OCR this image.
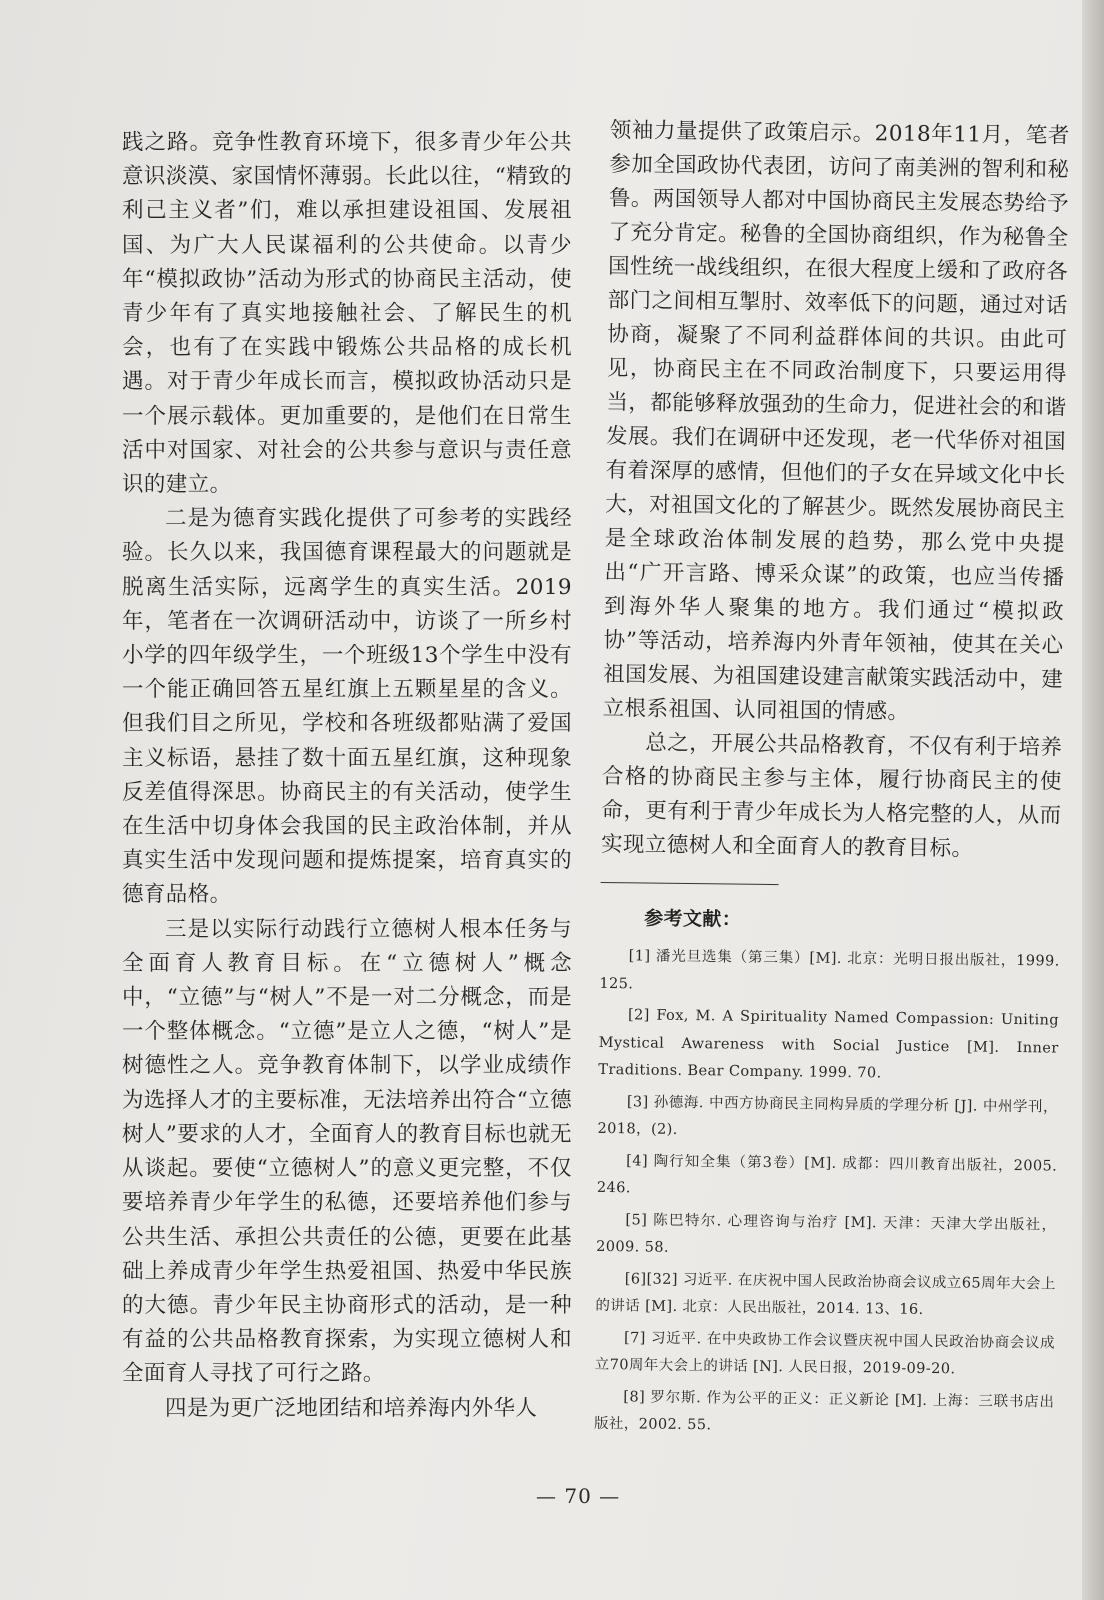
践之路。竞争性教育环境下，很多青少年公共意识淡漠、家国情怀薄弱。长此以往，“精致的利己主义者”们，难以承担建设祖国、发展祖国、为广大人民谋福利的公共使命。以青少年“模拟政协”活动为形式的协商民主活动，使青少年有了真实地接触社会、了解民生的机会，也有了在实践中锻炼公共品格的成长机遇。对于青少年成长而言，模拟政协活动只是一个展示载体。更加重要的，是他们在日常生活中对国家、对社会的公共参与意识与责任意识的建立。

二是为德育实践化提供了可参考的实践经验。长久以来，我国德育课程最大的问题就是脱离生活实际，远离学生的真实生活。2019年，笔者在一次调研活动中，访谈了一所乡村小学的四年级学生，一个班级13个学生中没有一个能正确回答五星红旗上五颗星星的含义。但我们目之所见，学校和各班级都贴满了爱国主义标语，悬挂了数十面五星红旗，这种现象反差值得深思。协商民主的有关活动，使学生在生活中切身体会我国的民主政治体制，并从真实生活中发现问题和提炼提案，培育真实的德育品格。

三是以实际行动践行立德树人根本任务与全面育人教育目标。在“立德树人”概念中，“立德”与“树人”不是一对二分概念，而是一个整体概念。“立德”是立人之德，“树人”是树德性之人。竞争教育体制下，以学业成绩作为选择人才的主要标准，无法培养出符合“立德树人”要求的人才，全面育人的教育目标也就无从谈起。要使“立德树人”的意义更完整，不仅要培养青少年学生的私德，还要培养他们参与公共生活、承担公共责任的公德，更要在此基础上养成青少年学生热爱祖国、热爱中华民族的大德。青少年民主协商形式的活动，是一种有益的公共品格教育探索，为实现立德树人和全面育人寻找了可行之路。

四是为更广泛地团结和培养海内外华人

领袖力量提供了政策启示。2018年11月，笔者参加全国政协代表团，访问了南美洲的智利和秘鲁。两国领导人都对中国协商民主发展态势给予了充分肯定。秘鲁的全国协商组织，作为秘鲁全国性统一战线组织，在很大程度上缓和了政府各部门之间相互掣肘、效率低下的问题，通过对话协商，凝聚了不同利益群体间的共识。由此可见，协商民主在不同政治制度下，只要运用得当，都能够释放强劲的生命力，促进社会的和谐发展。我们在调研中还发现，老一代华侨对祖国有着深厚的感情，但他们的子女在异域文化中长大，对祖国文化的了解甚少。既然发展协商民主是全球政治体制发展的趋势，那么党中央提出“广开言路、博采众谋”的政策，也应当传播到海外华人聚集的地方。我们通过“模拟政协”等活动，培养海内外青年领袖，使其在关心祖国发展、为祖国建设建言献策实践活动中，建立根系祖国、认同祖国的情感。

总之，开展公共品格教育，不仅有利于培养合格的协商民主参与主体，履行协商民主的使命，更有利于青少年成长为人格完整的人，从而实现立德树人和全面育人的教育目标。

参考文献：

[1] 潘光旦选集（第三集）[M]. 北京：光明日报出版社，1999. 125.

[2] Fox, M. A Spirituality Named Compassion: Uniting Mystical Awareness with Social Justice [M]. Inner Traditions. Bear Company. 1999. 70.

[3] 孙德海. 中西方协商民主同构异质的学理分析 [J]. 中州学刊，2018，(2).

[4] 陶行知全集（第3卷）[M]. 成都：四川教育出版社，2005. 246.

[5] 陈巴特尔. 心理咨询与治疗 [M]. 天津：天津大学出版社，2009. 58.

[6][32] 习近平. 在庆祝中国人民政治协商会议成立65周年大会上的讲话 [M]. 北京：人民出版社，2014. 13、16.

[7] 习近平. 在中央政协工作会议暨庆祝中国人民政治协商会议成立70周年大会上的讲话 [N]. 人民日报，2019-09-20.

[8] 罗尔斯. 作为公平的正义：正义新论 [M]. 上海：三联书店出版社，2002. 55.

— 70 —
